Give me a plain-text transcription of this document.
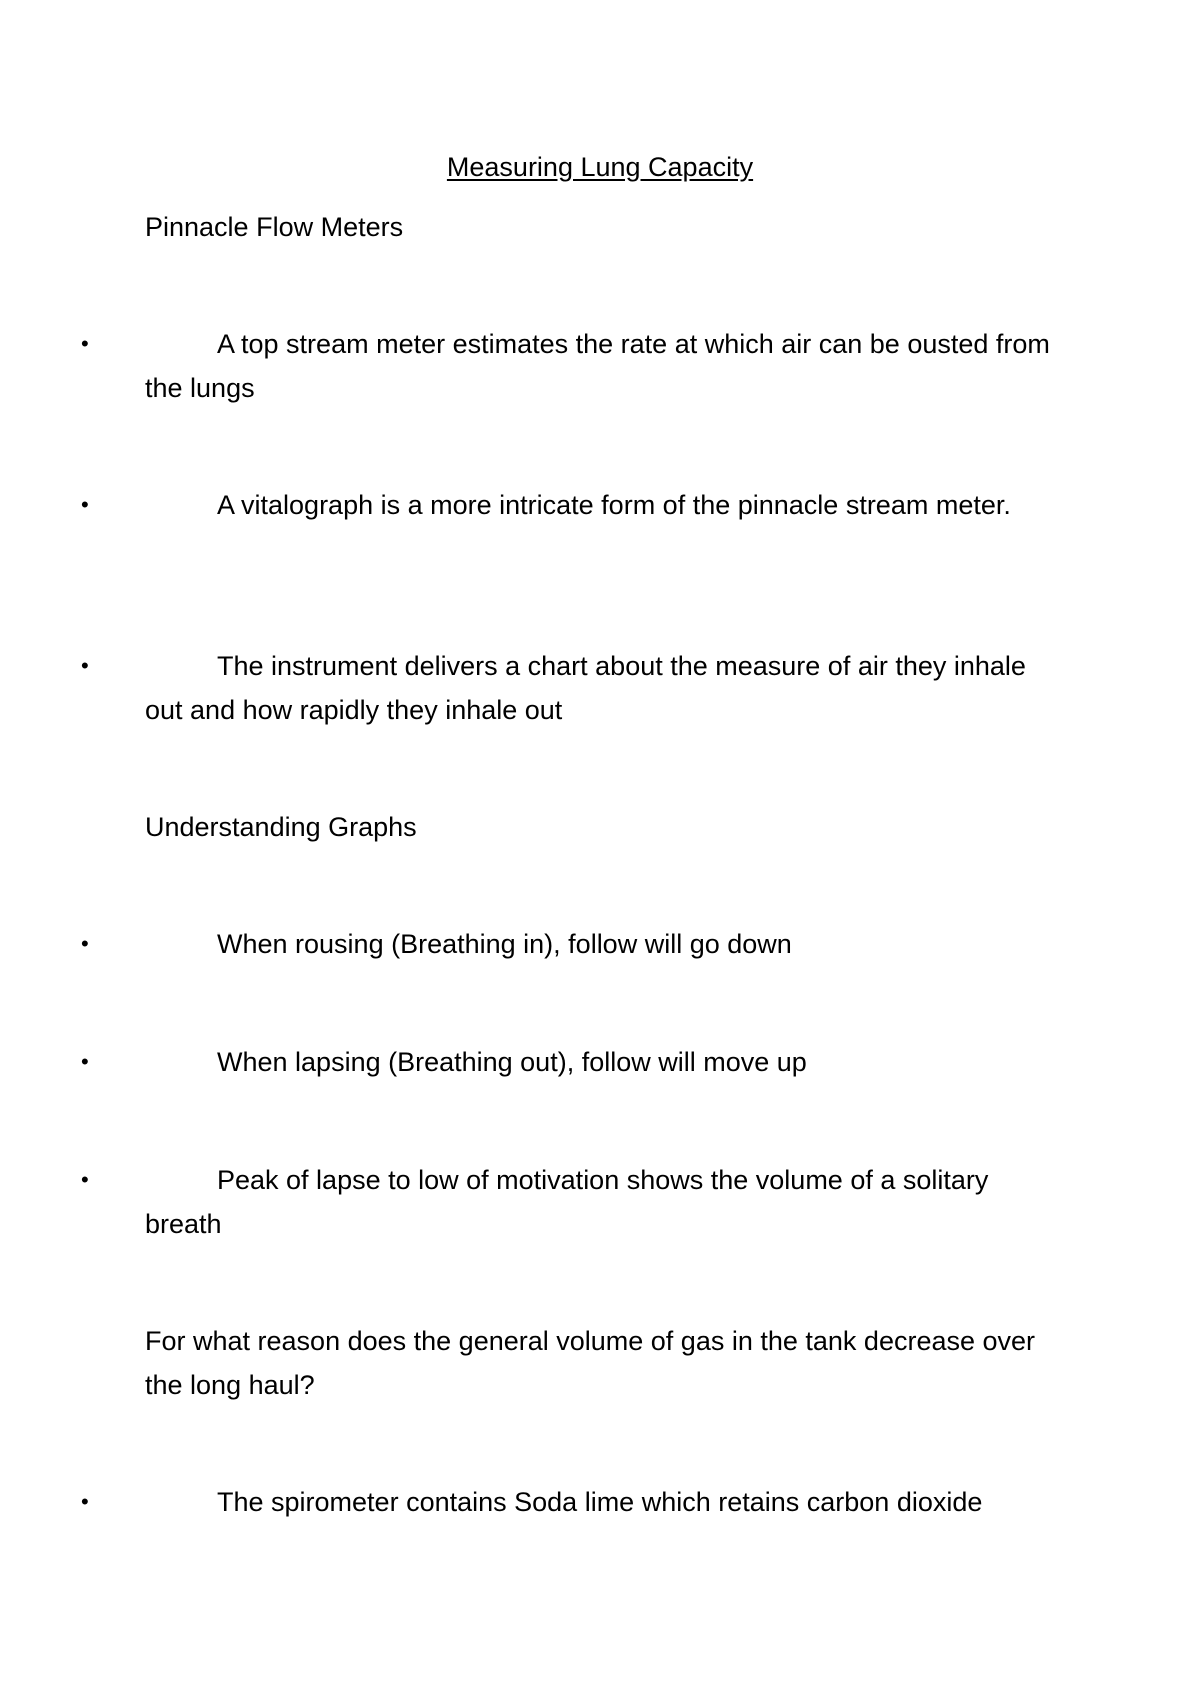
Measuring Lung Capacity
Pinnacle Flow Meters
•	A top stream meter estimates the rate at which air can be ousted from the lungs
•	A vitalograph is a more intricate form of the pinnacle stream meter.
•	The instrument delivers a chart about the measure of air they inhale out and how rapidly they inhale out
Understanding Graphs
•	When rousing (Breathing in), follow will go down
•	When lapsing (Breathing out), follow will move up
•	Peak of lapse to low of motivation shows the volume of a solitary breath
For what reason does the general volume of gas in the tank decrease over the long haul?
•	The spirometer contains Soda lime which retains carbon dioxide
